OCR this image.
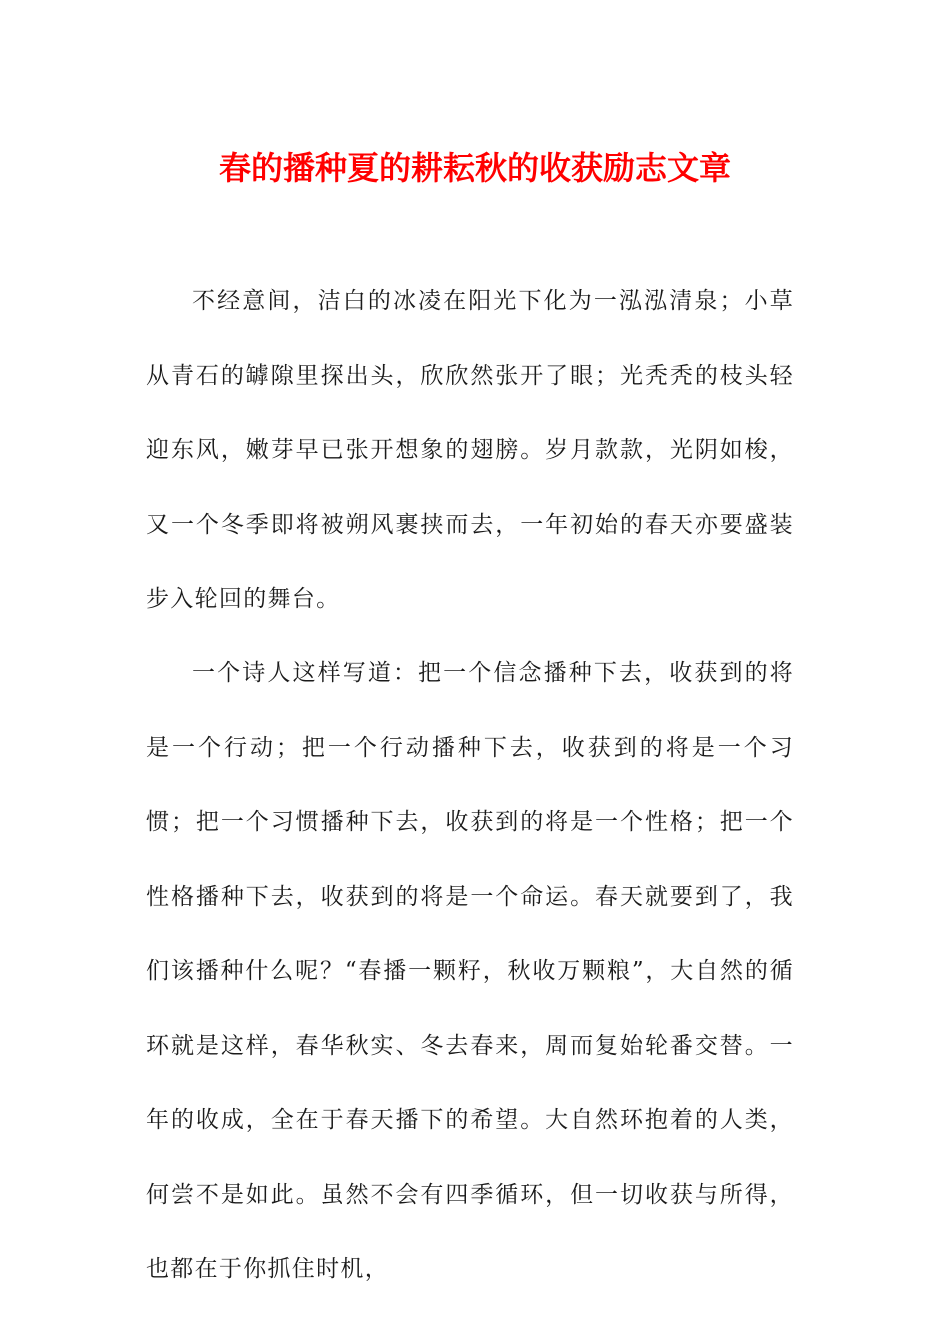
春的播种夏的耕耘秋的收获励志文章

不经意间，洁白的冰凌在阳光下化为一泓泓清泉；小草从青石的罅隙里探出头，欣欣然张开了眼；光秃秃的枝头轻迎东风，嫩芽早已张开想象的翅膀。岁月款款，光阴如梭，又一个冬季即将被朔风裹挟而去，一年初始的春天亦要盛装步入轮回的舞台。

一个诗人这样写道：把一个信念播种下去，收获到的将是一个行动；把一个行动播种下去，收获到的将是一个习惯；把一个习惯播种下去，收获到的将是一个性格；把一个性格播种下去，收获到的将是一个命运。春天就要到了，我们该播种什么呢？“春播一颗籽，秋收万颗粮”，大自然的循环就是这样，春华秋实、冬去春来，周而复始轮番交替。一年的收成，全在于春天播下的希望。大自然环抱着的人类，何尝不是如此。虽然不会有四季循环，但一切收获与所得，也都在于你抓住时机，
